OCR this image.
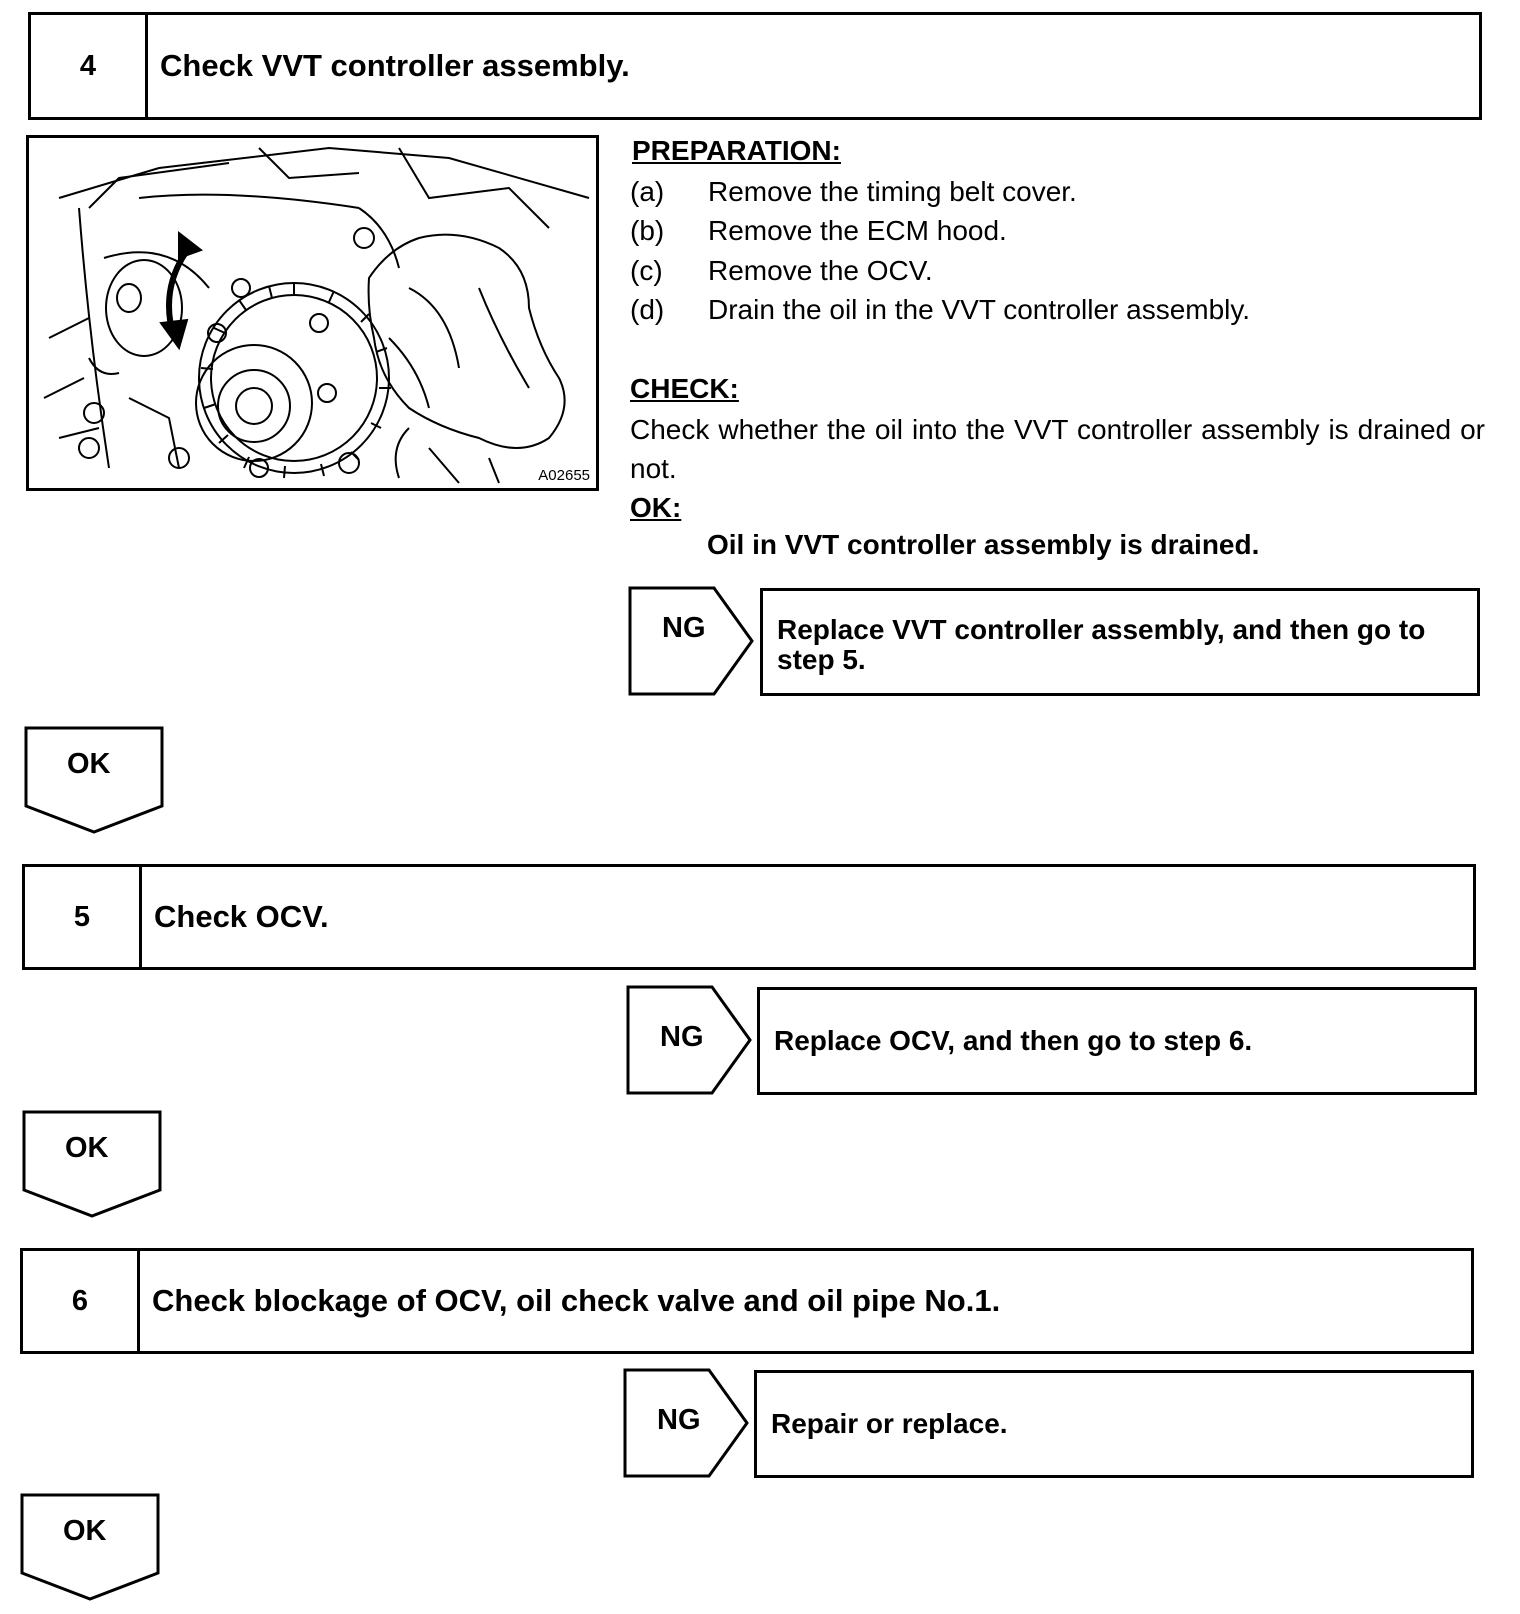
4	Check VVT controller assembly.
A02655
PREPARATION:
(a)	Remove the timing belt cover.
(b)	Remove the ECM hood.
(c)	Remove the OCV.
(d)	Drain the oil in the VVT controller assembly.
CHECK:
Check whether the oil into the VVT controller assembly is drained or not.
OK:
Oil in VVT controller assembly is drained.
NG	Replace VVT controller assembly, and then go to step 5.
OK
5	Check OCV.
NG	Replace OCV, and then go to step 6.
OK
6	Check blockage of OCV, oil check valve and oil pipe No.1.
NG	Repair or replace.
OK
